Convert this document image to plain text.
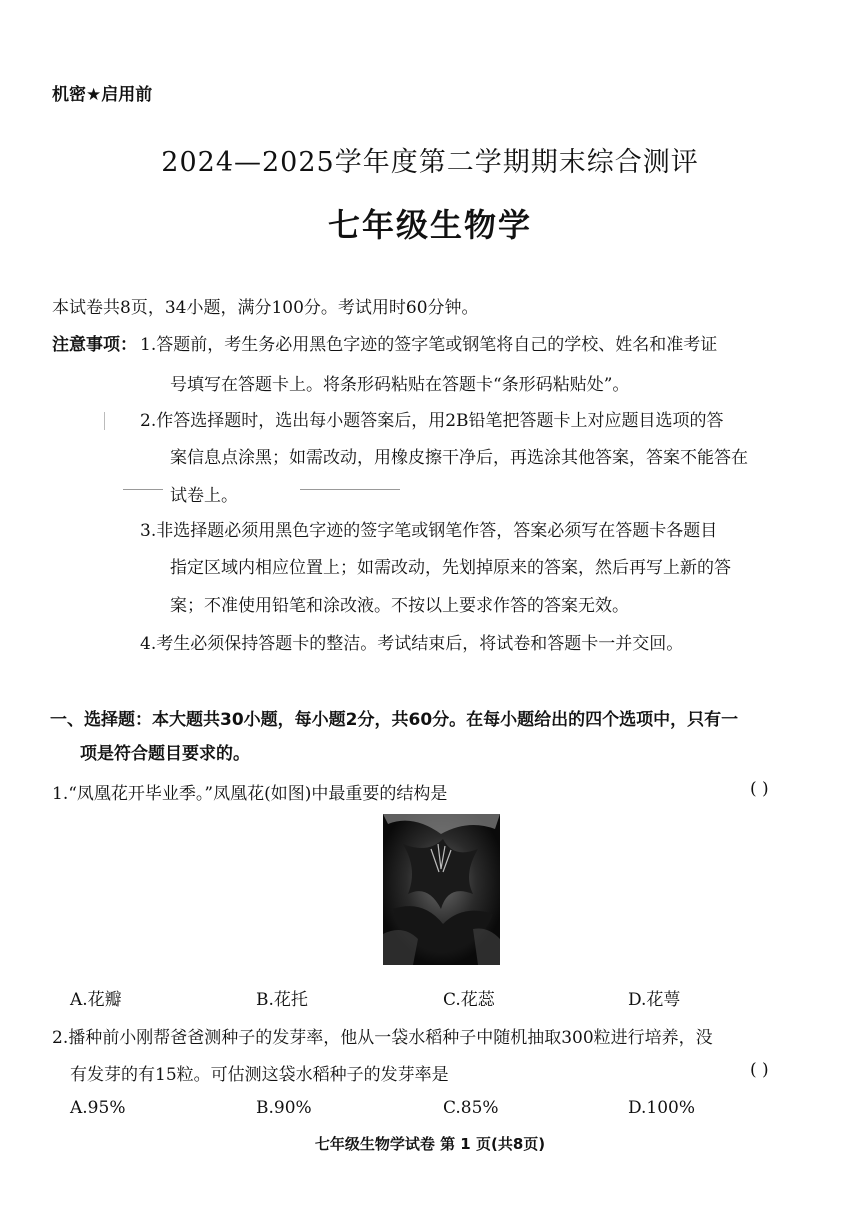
机密★启用前
2024—2025学年度第二学期期末综合测评
七年级生物学
本试卷共8页，34小题，满分100分。考试用时60分钟。
注意事项： 1.答题前，考生务必用黑色字迹的签字笔或钢笔将自己的学校、姓名和准考证
号填写在答题卡上。将条形码粘贴在答题卡“条形码粘贴处”。
2.作答选择题时，选出每小题答案后，用2B铅笔把答题卡上对应题目选项的答
案信息点涂黑；如需改动，用橡皮擦干净后，再选涂其他答案，答案不能答在
试卷上。
3.非选择题必须用黑色字迹的签字笔或钢笔作答，答案必须写在答题卡各题目
指定区域内相应位置上；如需改动，先划掉原来的答案，然后再写上新的答
案；不准使用铅笔和涂改液。不按以上要求作答的答案无效。
4.考生必须保持答题卡的整洁。考试结束后，将试卷和答题卡一并交回。
一、选择题：本大题共30小题，每小题2分，共60分。在每小题给出的四个选项中，只有一
项是符合题目要求的。
1.“凤凰花开毕业季。”凤凰花(如图)中最重要的结构是	( )
A.花瓣	B.花托	C.花蕊	D.花萼
2.播种前小刚帮爸爸测种子的发芽率，他从一袋水稻种子中随机抽取300粒进行培养，没
有发芽的有15粒。可估测这袋水稻种子的发芽率是	( )
A.95%	B.90%	C.85%	D.100%
七年级生物学试卷 第 1 页(共8页)
